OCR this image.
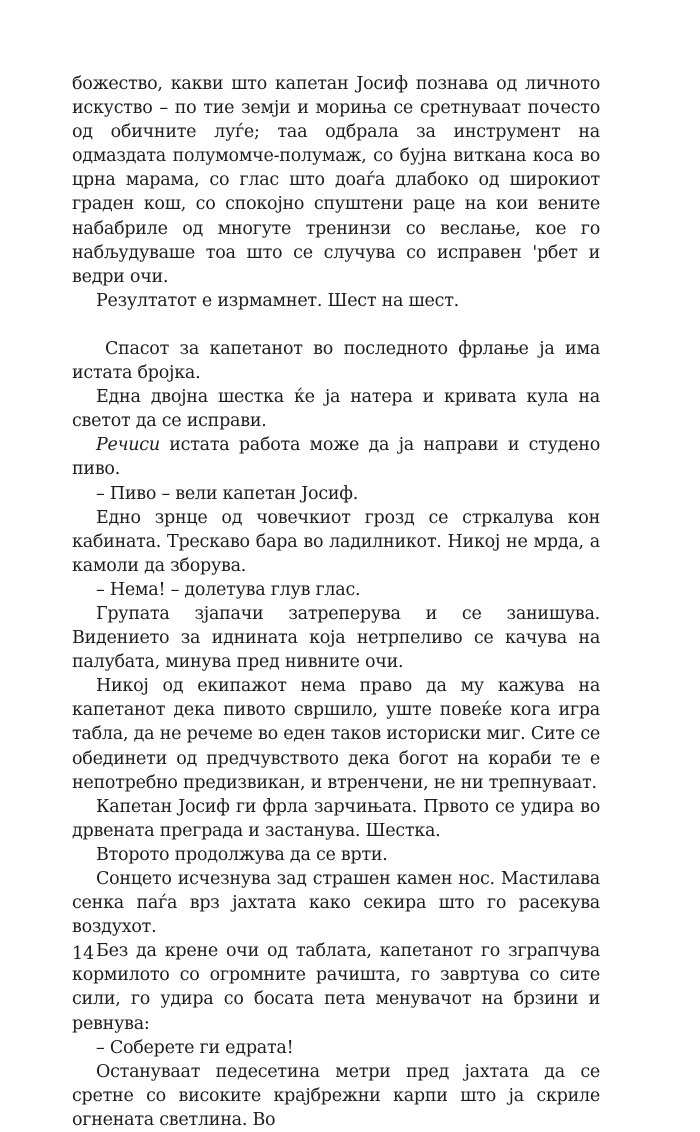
божество, какви што капетан Јосиф познава од личното искуство – по тие земји и морињa се сретнуваат почесто од обичните луѓе; таа одбрала за инструмент на одмаздата полумомче-полумаж, со бујна виткана коса во црна марама, со глас што доаѓа длабоко од широкиот граден кош, со спокојно спуштени раце на кои вените набабриле од многуте тренинзи со веслање, кое го набљудуваше тоа што се случува со исправен 'рбет и ведри очи.

Резултатот е изрмамнет. Шест на шест.

Спасот за капетанот во последното фрлање ја има истата бројка.

Една двојна шестка ќе ја натера и кривата кула на светот да се исправи.

Речиси истата работа може да ја направи и студено пиво.

– Пиво – вели капетан Јосиф.

Едно зрнце од човечкиот грозд се стркалува кон кабината. Трескаво бара во ладилникот. Никој не мрда, а камоли да зборува.

– Нема! – долетува глув глас.

Групата зјапачи затреперува и се занишува. Видението за иднината која нетрпеливо се качува на палубата, минува пред нивните очи.

Никој од екипажот нема право да му кажува на капетанот дека пивото свршило, уште повеќе кога игра табла, да не речеме во еден таков историски миг. Сите се обединети од предчувството дека богот на кораби те е непотребно предизвикан, и втренчени, не ни трепнуваат.

Капетан Јосиф ги фрла зарчињата. Првото се удира во дрвената преграда и застанува. Шестка.

Второто продолжува да се врти.

Сонцето исчезнува зад страшен камен нос. Мастилава сенка паѓа врз јахтата како секира што го расекува воздухот.

Без да крене очи од таблата, капетанот го зграпчува кормилото со огромните рачишта, го завртува со сите сили, го удира со босата пета менувачот на брзини и ревнува:

– Соберете ги едрата!

Остануваат педесетина метри пред јахтата да се сретне со високите крајбрежни карпи што ја скриле огнената светлина. Во

14
